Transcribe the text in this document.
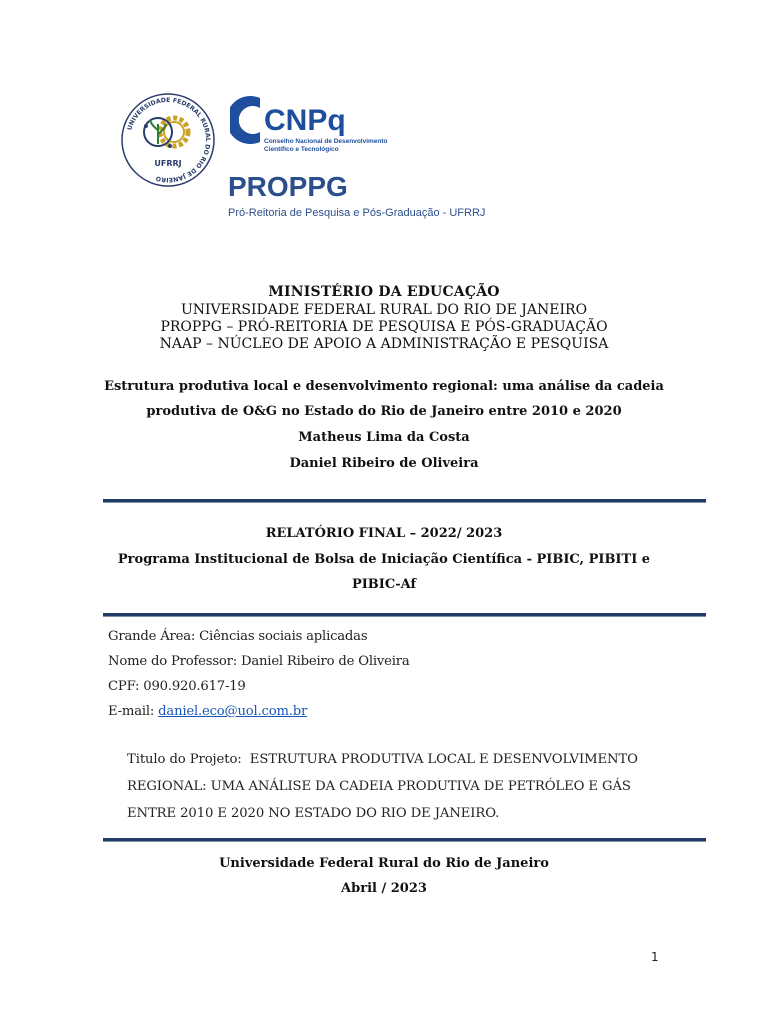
UNIVERSIDADE FEDERAL RURAL DO RIO DE JANEIRO
UFRRJ
CNPq
Conselho Nacional de Desenvolvimento
Científico e Tecnológico
PROPPG
Pró-Reitoria de Pesquisa e Pós-Graduação - UFRRJ
MINISTÉRIO DA EDUCAÇÃO
UNIVERSIDADE FEDERAL RURAL DO RIO DE JANEIRO
PROPPG – PRÓ-REITORIA DE PESQUISA E PÓS-GRADUAÇÃO
NAAP – NÚCLEO DE APOIO A ADMINISTRAÇÃO E PESQUISA
Estrutura produtiva local e desenvolvimento regional: uma análise da cadeia
produtiva de O&G no Estado do Rio de Janeiro entre 2010 e 2020
Matheus Lima da Costa
Daniel Ribeiro de Oliveira
RELATÓRIO FINAL – 2022/ 2023
Programa Institucional de Bolsa de Iniciação Científica - PIBIC, PIBITI e
PIBIC-Af
Grande Área: Ciências sociais aplicadas
Nome do Professor: Daniel Ribeiro de Oliveira
CPF: 090.920.617-19
E-mail: daniel.eco@uol.com.br
Titulo do Projeto:  ESTRUTURA PRODUTIVA LOCAL E DESENVOLVIMENTO
REGIONAL: UMA ANÁLISE DA CADEIA PRODUTIVA DE PETRÓLEO E GÁS
ENTRE 2010 E 2020 NO ESTADO DO RIO DE JANEIRO.
Universidade Federal Rural do Rio de Janeiro
Abril / 2023
1
